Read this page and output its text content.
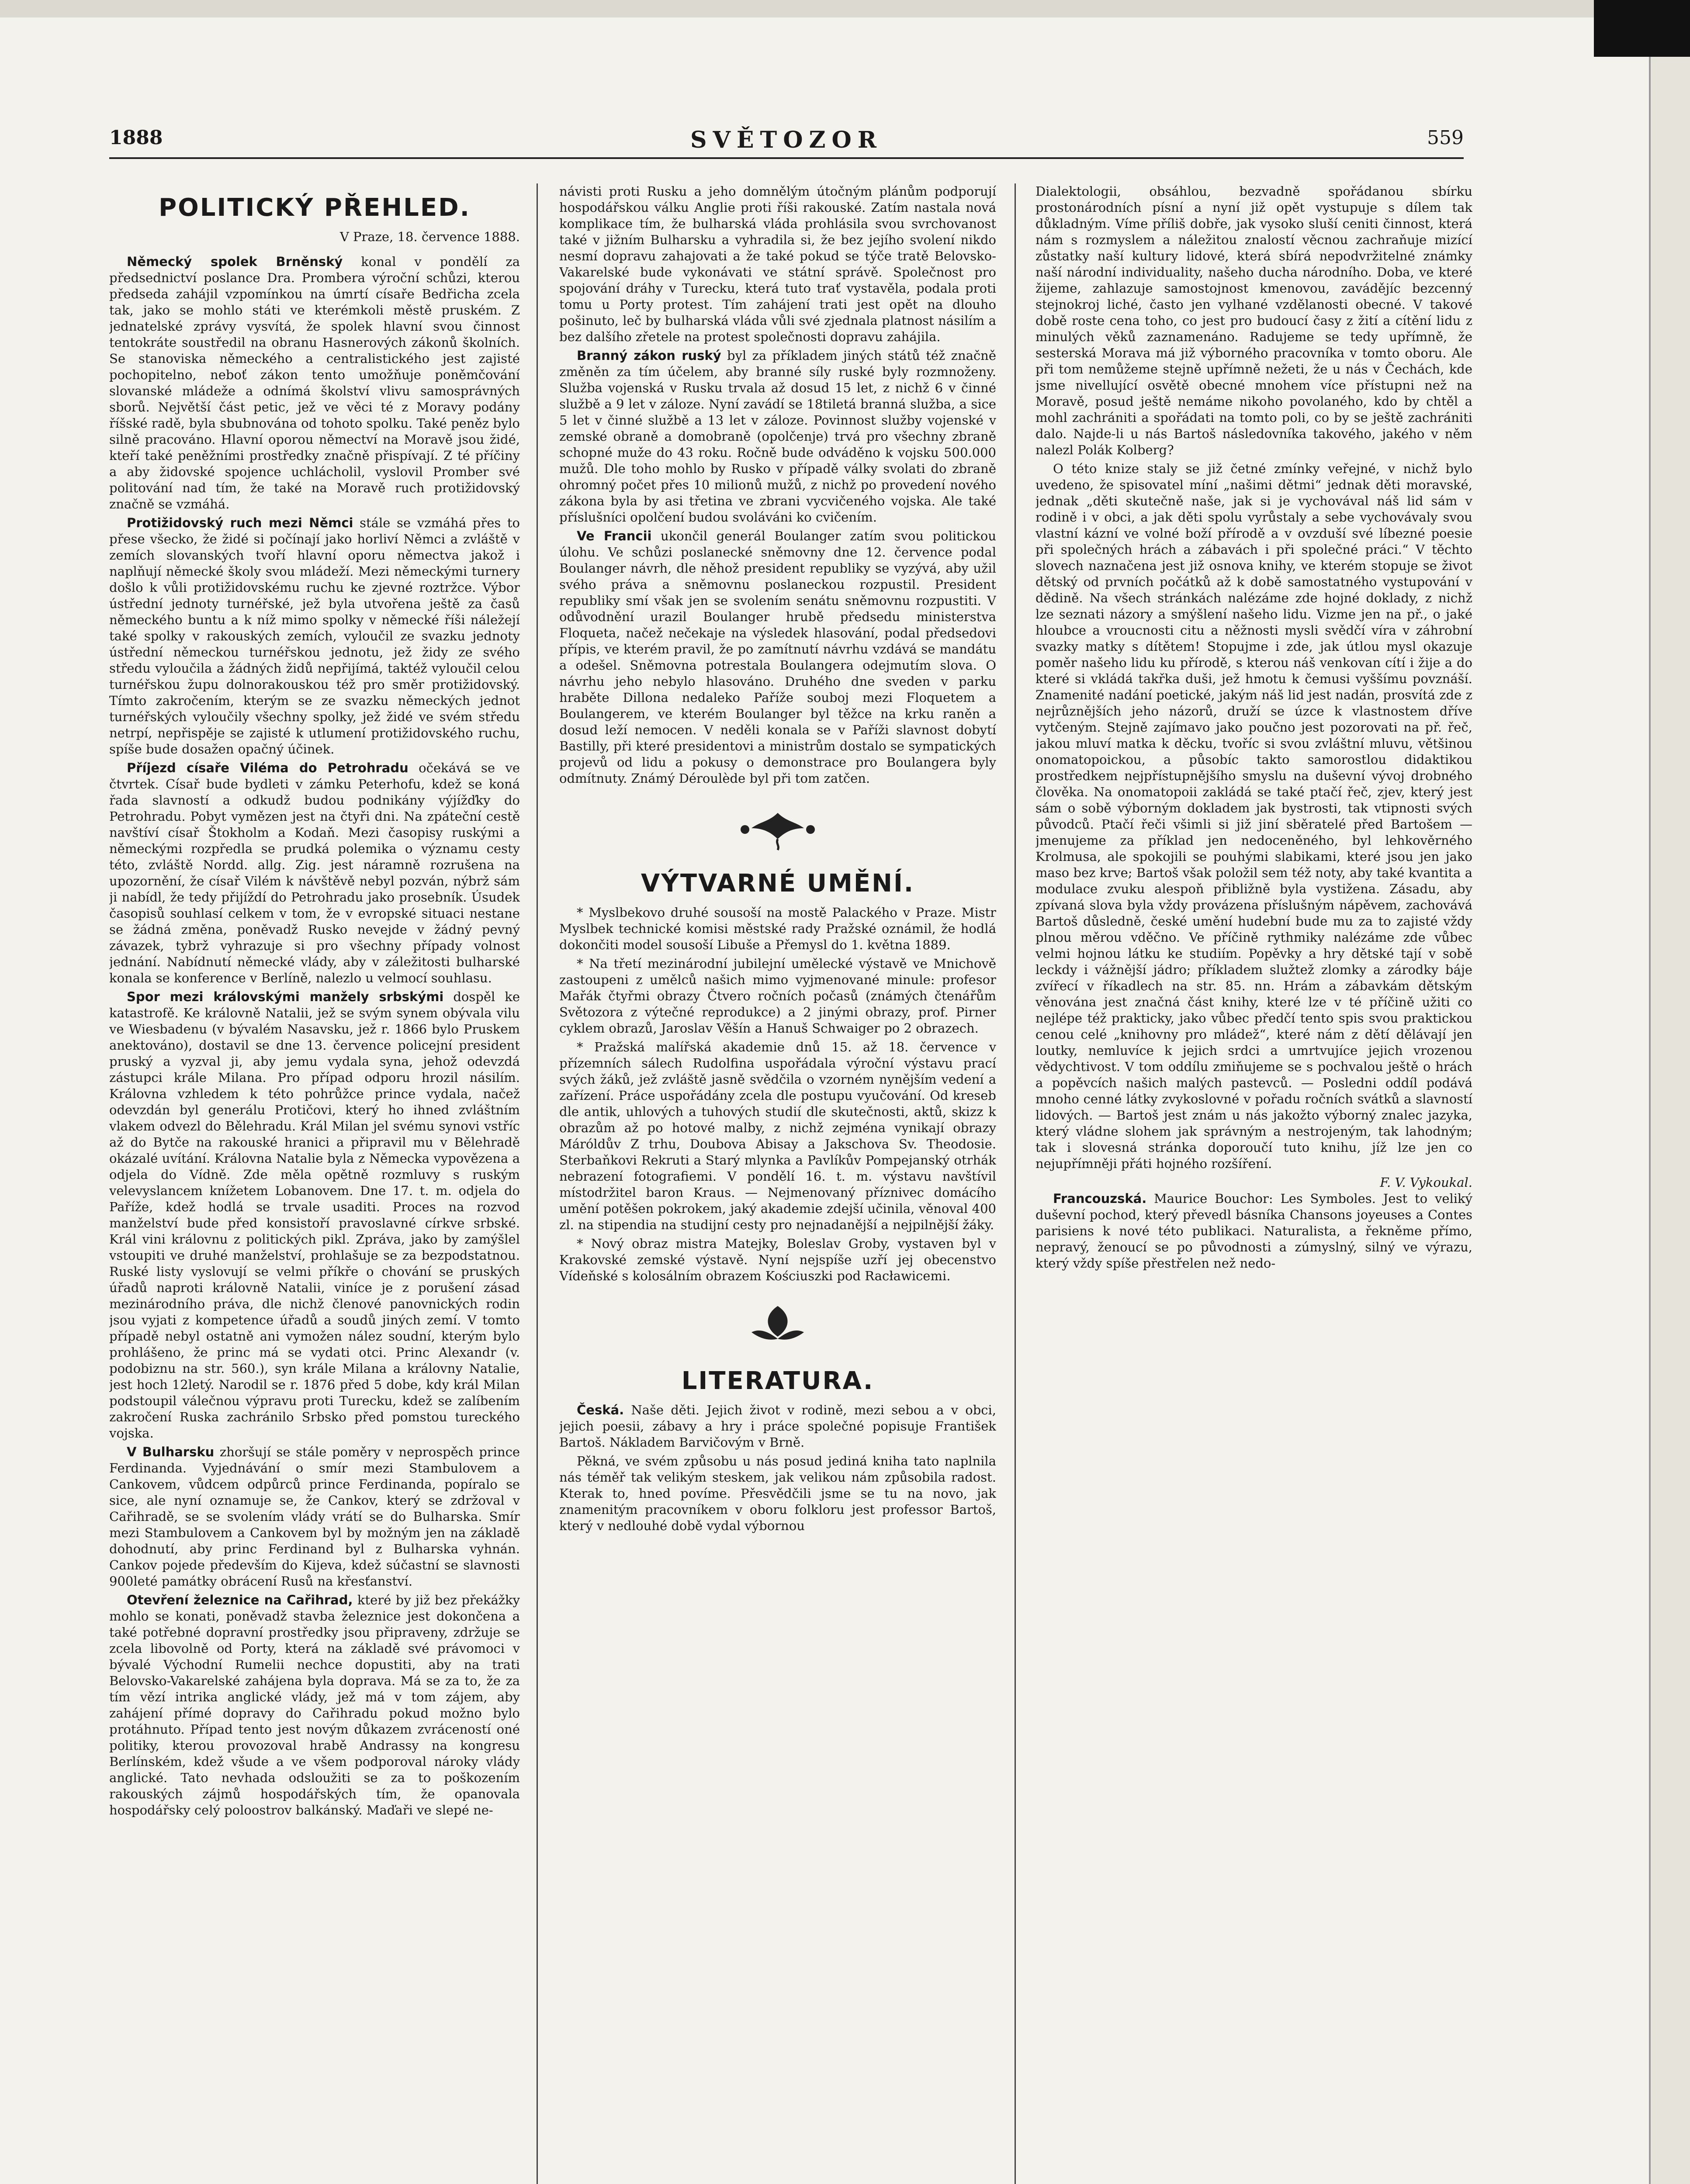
1888	SVĚTOZOR	559
POLITICKÝ PŘEHLED.
V Praze, 18. července 1888.

Německý spolek Brněnský konal v pondělí za předsednictví poslance Dra. Prombera výroční schůzi, kterou předseda zahájil vzpomínkou na úmrtí císaře Bedřicha zcela tak, jako se mohlo státi ve kterémkoli městě pruském. Z jednatelské zprávy vysvítá, že spolek hlavní svou činnost tentokráte soustředil na obranu Hasnerových zákonů školních. Se stanoviska německého a centralistického jest zajisté pochopitelno, neboť zákon tento umožňuje poněmčování slovanské mládeže a odnímá školství vlivu samosprávných sborů. Největší část petic, jež ve věci té z Moravy podány říšské radě, byla sbubnována od tohoto spolku. Také peněz bylo silně pracováno. Hlavní oporou němectví na Moravě jsou židé, kteří také peněžními prostředky značně přispívají. Z té příčiny a aby židovské spojence uchlácholil, vyslovil Promber své politování nad tím, že také na Moravě ruch protižidovský značně se vzmáhá.

Protižidovský ruch mezi Němci stále se vzmáhá přes to přese všecko, že židé si počínají jako horliví Němci a zvláště v zemích slovanských tvoří hlavní oporu němectva jakož i naplňují německé školy svou mládeží. Mezi německými turnery došlo k vůli protižidovskému ruchu ke zjevné roztržce. Výbor ústřední jednoty turnéřské, jež byla utvořena ještě za časů německého buntu a k níž mimo spolky v německé říši náležejí také spolky v rakouských zemích, vyloučil ze svazku jednoty ústřední německou turnéřskou jednotu, jež židy ze svého středu vyloučila a žádných židů nepřijímá, taktéž vyloučil celou turnéřskou župu dolnorakouskou též pro směr protižidovský. Tímto zakročením, kterým se ze svazku německých jednot turnéřských vyloučily všechny spolky, jež židé ve svém středu netrpí, nepřispěje se zajisté k utlumení protižidovského ruchu, spíše bude dosažen opačný účinek.

Příjezd císaře Viléma do Petrohradu očekává se ve čtvrtek. Císař bude bydleti v zámku Peterhofu, kdež se koná řada slavností a odkudž budou podnikány výjížďky do Petrohradu. Pobyt vymězen jest na čtyři dni. Na zpáteční cestě navštíví císař Štokholm a Kodaň. Mezi časopisy ruskými a německými rozpředla se prudká polemika o významu cesty této, zvláště Nordd. allg. Zig. jest náramně rozrušena na upozornění, že císař Vilém k návštěvě nebyl pozván, nýbrž sám ji nabídl, že tedy přijíždí do Petrohradu jako prosebník. Úsudek časopisů souhlasí celkem v tom, že v evropské situaci nestane se žádná změna, poněvadž Rusko nevejde v žádný pevný závazek, tybrž vyhrazuje si pro všechny případy volnost jednání. Nabídnutí německé vlády, aby v záležitosti bulharské konala se konference v Berlíně, nalezlo u velmocí souhlasu.

Spor mezi královskými manžely srbskými dospěl ke katastrofě. Ke královně Natalii, jež se svým synem obývala vilu ve Wiesbadenu (v bývalém Nasavsku, jež r. 1866 bylo Pruskem anektováno), dostavil se dne 13. července policejní president pruský a vyzval ji, aby jemu vydala syna, jehož odevzdá zástupci krále Milana. Pro případ odporu hrozil násilím. Královna vzhledem k této pohrůžce prince vydala, načež odevzdán byl generálu Protičovi, který ho ihned zvláštním vlakem odvezl do Bělehradu. Král Milan jel svému synovi vstříc až do Bytče na rakouské hranici a připravil mu v Bělehradě okázalé uvítání. Královna Natalie byla z Německa vypovězena a odjela do Vídně. Zde měla opětně rozmluvy s ruským velevyslancem knížetem Lobanovem. Dne 17. t. m. odjela do Paříže, kdež hodlá se trvale usaditi. Proces na rozvod manželství bude před konsistoří pravoslavné církve srbské. Král vini královnu z politických pikl. Zpráva, jako by zamýšlel vstoupiti ve druhé manželství, prohlašuje se za bezpodstatnou. Ruské listy vyslovují se velmi příkře o chování se pruských úřadů naproti královně Natalii, viníce je z porušení zásad mezinárodního práva, dle nichž členové panovnických rodin jsou vyjati z kompetence úřadů a soudů jiných zemí. V tomto případě nebyl ostatně ani vymožen nález soudní, kterým bylo prohlášeno, že princ má se vydati otci. Princ Alexandr (v. podobiznu na str. 560.), syn krále Milana a královny Natalie, jest hoch 12letý. Narodil se r. 1876 před 5 dobe, kdy král Milan podstoupil válečnou výpravu proti Turecku, kdež se zalíbením zakročení Ruska zachránilo Srbsko před pomstou tureckého vojska.

V Bulharsku zhoršují se stále poměry v neprospěch prince Ferdinanda. Vyjednávání o smír mezi Stambulovem a Cankovem, vůdcem odpůrců prince Ferdinanda, popíralo se sice, ale nyní oznamuje se, že Cankov, který se zdržoval v Cařihradě, se se svolením vlády vrátí se do Bulharska. Smír mezi Stambulovem a Cankovem byl by možným jen na základě dohodnutí, aby princ Ferdinand byl z Bulharska vyhnán. Cankov pojede především do Kijeva, kdež súčastní se slavnosti 900leté památky obrácení Rusů na křesťanství.

Otevření železnice na Cařihrad, které by již bez překážky mohlo se konati, poněvadž stavba železnice jest dokončena a také potřebné dopravní prostředky jsou připraveny, zdržuje se zcela libovolně od Porty, která na základě své právomoci v bývalé Východní Rumelii nechce dopustiti, aby na trati Belovsko-Vakarelské zahájena byla doprava. Má se za to, že za tím vězí intrika anglické vlády, jež má v tom zájem, aby zahájení přímé dopravy do Cařihradu pokud možno bylo protáhnuto. Případ tento jest novým důkazem zvráceností oné politiky, kterou provozoval hrabě Andrassy na kongresu Berlínském, kdež všude a ve všem podporoval nároky vlády anglické. Tato nevhada odsloužiti se za to poškozením rakouských zájmů hospodářských tím, že opanovala hospodářsky celý poloostrov balkánský. Maďaři ve slepé ne-

návisti proti Rusku a jeho domnělým útočným plánům podporují hospodářskou válku Anglie proti říši rakouské. Zatím nastala nová komplikace tím, že bulharská vláda prohlásila svou svrchovanost také v jižním Bulharsku a vyhradila si, že bez jejího svolení nikdo nesmí dopravu zahajovati a že také pokud se týče tratě Belovsko-Vakarelské bude vykonávati ve státní správě. Společnost pro spojování dráhy v Turecku, která tuto trať vystavěla, podala proti tomu u Porty protest. Tím zahájení trati jest opět na dlouho pošinuto, leč by bulharská vláda vůli své zjednala platnost násilím a bez dalšího zřetele na protest společnosti dopravu zahájila.

Branný zákon ruský byl za příkladem jiných států též značně změněn za tím účelem, aby branné síly ruské byly rozmnoženy. Služba vojenská v Rusku trvala až dosud 15 let, z nichž 6 v činné službě a 9 let v záloze. Nyní zavádí se 18tiletá branná služba, a sice 5 let v činné službě a 13 let v záloze. Povinnost služby vojenské v zemské obraně a domobraně (opolčenje) trvá pro všechny zbraně schopné muže do 43 roku. Ročně bude odváděno k vojsku 500.000 mužů. Dle toho mohlo by Rusko v případě války svolati do zbraně ohromný počet přes 10 milionů mužů, z nichž po provedení nového zákona byla by asi třetina ve zbrani vycvičeného vojska. Ale také příslušníci opolčení budou svoláváni ko cvičením.

Ve Francii ukončil generál Boulanger zatím svou politickou úlohu. Ve schůzi poslanecké sněmovny dne 12. července podal Boulanger návrh, dle něhož president republiky se vyzývá, aby užil svého práva a sněmovnu poslaneckou rozpustil. President republiky smí však jen se svolením senátu sněmovnu rozpustiti. V odůvodnění urazil Boulanger hrubě předsedu ministerstva Floqueta, načež nečekaje na výsledek hlasování, podal předsedovi přípis, ve kterém pravil, že po zamítnutí návrhu vzdává se mandátu a odešel. Sněmovna potrestala Boulangera odejmutím slova. O návrhu jeho nebylo hlasováno. Druhého dne sveden v parku hraběte Dillona nedaleko Paříže souboj mezi Floquetem a Boulangerem, ve kterém Boulanger byl těžce na krku raněn a dosud leží nemocen. V neděli konala se v Paříži slavnost dobytí Bastilly, při které presidentovi a ministrům dostalo se sympatických projevů od lidu a pokusy o demonstrace pro Boulangera byly odmítnuty. Známý Déroulède byl při tom zatčen.

VÝTVARNÉ UMĚNÍ.

* Myslbekovo druhé sousoší na mostě Palackého v Praze. Mistr Myslbek technické komisi městské rady Pražské oznámil, že hodlá dokončiti model sousoší Libuše a Přemysl do 1. května 1889.

* Na třetí mezinárodní jubilejní umělecké výstavě ve Mnichově zastoupeni z umělců našich mimo vyjmenované minule: profesor Mařák čtyřmi obrazy Čtvero ročních počasů (známých čtenářům Světozora z výtečné reprodukce) a 2 jinými obrazy, prof. Pirner cyklem obrazů, Jaroslav Věšín a Hanuš Schwaiger po 2 obrazech.

* Pražská malířská akademie dnů 15. až 18. července v přízemních sálech Rudolfina uspořádala výroční výstavu prací svých žáků, jež zvláště jasně svědčila o vzorném nynějším vedení a zařízení. Práce uspořádány zcela dle postupu vyučování. Od kreseb dle antik, uhlových a tuhových studií dle skutečnosti, aktů, skizz k obrazům až po hotové malby, z nichž zejména vynikají obrazy Máróldův Z trhu, Doubova Abisay a Jakschova Sv. Theodosie. Sterbaňkovi Rekruti a Starý mlynka a Pavlíkův Pompejanský otrhák nebrazení fotografiemi. V pondělí 16. t. m. výstavu navštívil místodržitel baron Kraus. — Nejmenovaný příznivec domácího umění potěšen pokrokem, jaký akademie zdejší učinila, věnoval 400 zl. na stipendia na studijní cesty pro nejnadanější a nejpilnější žáky.

* Nový obraz mistra Matejky, Boleslav Groby, vystaven byl v Krakovské zemské výstavě. Nyní nejspíše uzří jej obecenstvo Vídeňské s kolosálním obrazem Kościuszki pod Racławicemi.

LITERATURA.

Česká. Naše děti. Jejich život v rodině, mezi sebou a v obci, jejich poesii, zábavy a hry i práce společné popisuje František Bartoš. Nákladem Barvičovým v Brně.

Pěkná, ve svém způsobu u nás posud jediná kniha tato naplnila nás téměř tak velikým steskem, jak velikou nám způsobila radost. Kterak to, hned povíme. Přesvědčili jsme se tu na novo, jak znamenitým pracovníkem v oboru folkloru jest professor Bartoš, který v nedlouhé době vydal výbornou

Dialektologii, obsáhlou, bezvadně spořádanou sbírku prostonárodních písní a nyní již opět vystupuje s dílem tak důkladným. Víme příliš dobře, jak vysoko sluší ceniti činnost, která nám s rozmyslem a náležitou znalostí věcnou zachraňuje mizící zůstatky naší kultury lidové, která sbírá nepodvržitelné známky naší národní individuality, našeho ducha národního. Doba, ve které žijeme, zahlazuje samostojnost kmenovou, zavádějíc bezcenný stejnokroj liché, často jen vylhané vzdělanosti obecné. V takové době roste cena toho, co jest pro budoucí časy z žití a cítění lidu z minulých věků zaznamenáno. Radujeme se tedy upřímně, že sesterská Morava má již výborného pracovníka v tomto oboru. Ale při tom nemůžeme stejně upřímně nežeti, že u nás v Čechách, kde jsme nivellující osvětě obecné mnohem více přístupni než na Moravě, posud ještě nemáme nikoho povolaného, kdo by chtěl a mohl zachrániti a spořádati na tomto poli, co by se ještě zachrániti dalo. Najde-li u nás Bartoš následovníka takového, jakého v něm nalezl Polák Kolberg?

O této knize staly se již četné zmínky veřejné, v nichž bylo uvedeno, že spisovatel míní „našimi dětmi“ jednak děti moravské, jednak „děti skutečně naše, jak si je vychovával náš lid sám v rodině i v obci, a jak děti spolu vyrůstaly a sebe vychovávaly svou vlastní kázní ve volné boží přírodě a v ovzduší své líbezné poesie při společných hrách a zábavách i při společné práci.“ V těchto slovech naznačena jest již osnova knihy, ve kterém stopuje se život dětský od prvních počátků až k době samostatného vystupování v dědině. Na všech stránkách nalézáme zde hojné doklady, z nichž lze seznati názory a smýšlení našeho lidu. Vizme jen na př., o jaké hloubce a vroucnosti citu a něžnosti mysli svědčí víra v záhrobní svazky matky s dítětem! Stopujme i zde, jak útlou mysl okazuje poměr našeho lidu ku přírodě, s kterou náš venkovan cítí i žije a do které si vkládá takřka duši, jež hmotu k čemusi vyššímu povznáší. Znamenité nadání poetické, jakým náš lid jest nadán, prosvítá zde z nejrůznějších jeho názorů, druží se úzce k vlastnostem dříve vytčeným. Stejně zajímavo jako poučno jest pozorovati na př. řeč, jakou mluví matka k děcku, tvoříc si svou zvláštní mluvu, většinou onomatopoickou, a působíc takto samorostlou didaktikou prostředkem nejpřístupnějšího smyslu na duševní vývoj drobného člověka. Na onomatopoii zakládá se také ptačí řeč, zjev, který jest sám o sobě výborným dokladem jak bystrosti, tak vtipnosti svých původců. Ptačí řeči všimli si již jiní sběratelé před Bartošem — jmenujeme za příklad jen nedoceněného, byl lehkověrného Krolmusa, ale spokojili se pouhými slabikami, které jsou jen jako maso bez krve; Bartoš však položil sem též noty, aby také kvantita a modulace zvuku alespoň přibližně byla vystižena. Zásadu, aby zpívaná slova byla vždy provázena příslušným nápěvem, zachovává Bartoš důsledně, české umění hudební bude mu za to zajisté vždy plnou měrou vděčno. Ve příčině rythmiky nalézáme zde vůbec velmi hojnou látku ke studiím. Popěvky a hry dětské tají v sobě leckdy i vážnější jádro; příkladem služtež zlomky a zárodky báje zvířecí v říkadlech na str. 85. nn. Hrám a zábavkám dětským věnována jest značná část knihy, které lze v té příčině užiti co nejlépe též prakticky, jako vůbec předčí tento spis svou praktickou cenou celé „knihovny pro mládež“, které nám z dětí dělávají jen loutky, nemluvíce k jejich srdci a umrtvujíce jejich vrozenou vědychtivost. V tom oddílu zmiňujeme se s pochvalou ještě o hrách a popěvcích našich malých pastevců. — Posledni oddíl podává mnoho cenné látky zvykoslovné v pořadu ročních svátků a slavností lidových. — Bartoš jest znám u nás jakožto výborný znalec jazyka, který vládne slohem jak správným a nestrojeným, tak lahodným; tak i slovesná stránka doporoučí tuto knihu, jíž lze jen co nejupřímněji přáti hojného rozšíření.

F. V. Vykoukal.

Francouzská. Maurice Bouchor: Les Symboles. Jest to veliký duševní pochod, který převedl básníka Chansons joyeuses a Contes parisiens k nové této publikaci. Naturalista, a řekněme přímo, nepravý, ženoucí se po původnosti a zúmyslný, silný ve výrazu, který vždy spíše přestřelen než nedo-
